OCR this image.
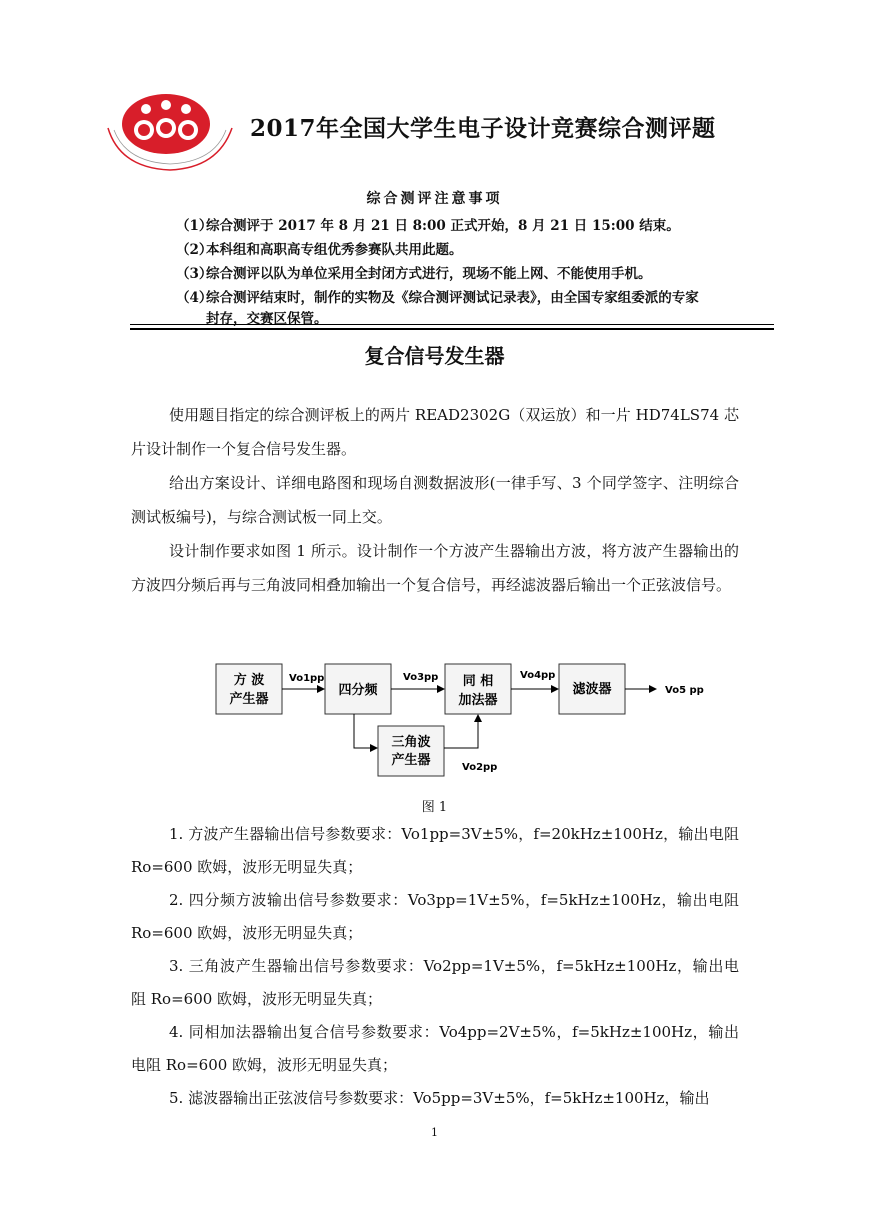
2017年全国大学生电子设计竞赛综合测评题
综合测评注意事项
（1）综合测评于 2017 年 8 月 21 日 8:00 正式开始，8 月 21 日 15:00 结束。
（2）本科组和高职高专组优秀参赛队共用此题。
（3）综合测评以队为单位采用全封闭方式进行，现场不能上网、不能使用手机。
（4）综合测评结束时，制作的实物及《综合测评测试记录表》，由全国专家组委派的专家
封存，交赛区保管。
复合信号发生器

使用题目指定的综合测评板上的两片 READ2302G（双运放）和一片 HD74LS74 芯片设计制作一个复合信号发生器。

给出方案设计、详细电路图和现场自测数据波形(一律手写、3 个同学签字、注明综合测试板编号)，与综合测试板一同上交。

设计制作要求如图 1 所示。设计制作一个方波产生器输出方波，将方波产生器输出的方波四分频后再与三角波同相叠加输出一个复合信号，再经滤波器后输出一个正弦波信号。

方 波
产生器
四分频
同 相
加法器
滤波器
三角波
产生器
Vo1pp	Vo3pp	Vo4pp
Vo5 pp
Vo2pp
图 1

1. 方波产生器输出信号参数要求：Vo1pp=3V±5%，f=20kHz±100Hz，输出电阻 Ro=600 欧姆，波形无明显失真；

2. 四分频方波输出信号参数要求：Vo3pp=1V±5%，f=5kHz±100Hz，输出电阻 Ro=600 欧姆，波形无明显失真；

3. 三角波产生器输出信号参数要求：Vo2pp=1V±5%，f=5kHz±100Hz，输出电阻 Ro=600 欧姆，波形无明显失真；

4. 同相加法器输出复合信号参数要求：Vo4pp=2V±5%，f=5kHz±100Hz，输出电阻 Ro=600 欧姆，波形无明显失真；

5. 滤波器输出正弦波信号参数要求：Vo5pp=3V±5%，f=5kHz±100Hz，输出

1
